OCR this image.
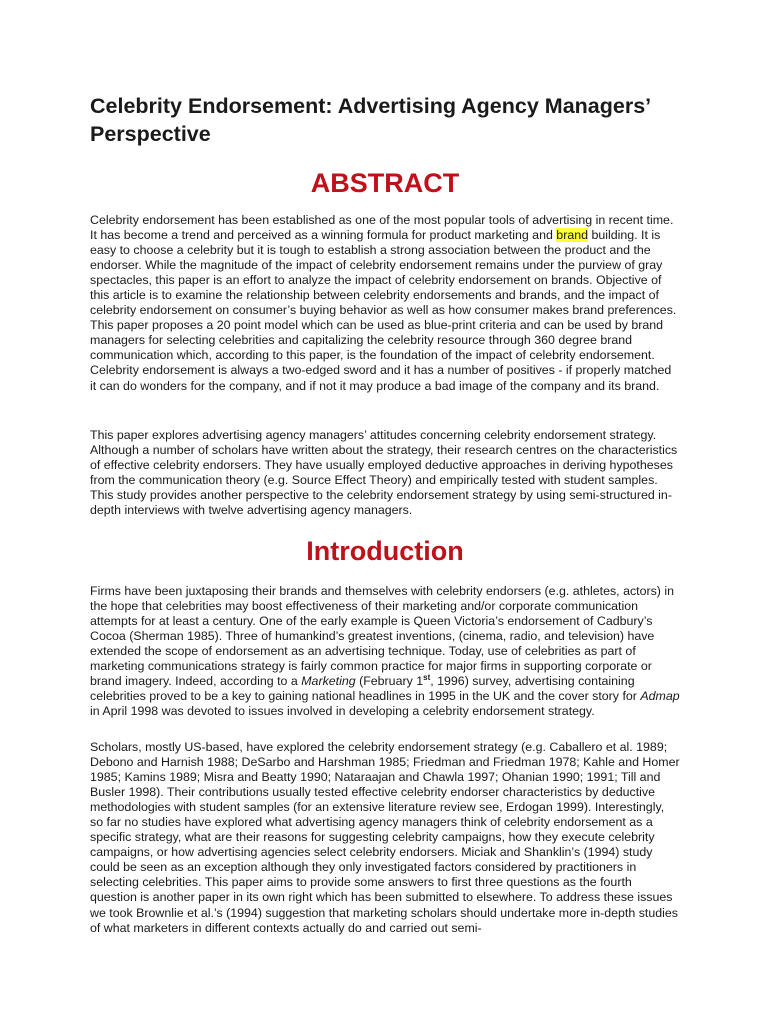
Celebrity Endorsement: Advertising Agency Managers’ Perspective
ABSTRACT

Celebrity endorsement has been established as one of the most popular tools of advertising in recent time. It has become a trend and perceived as a winning formula for product marketing and brand building. It is easy to choose a celebrity but it is tough to establish a strong association between the product and the endorser. While the magnitude of the impact of celebrity endorsement remains under the purview of gray spectacles, this paper is an effort to analyze the impact of celebrity endorsement on brands. Objective of this article is to examine the relationship between celebrity endorsements and brands, and the impact of celebrity endorsement on consumer’s buying behavior as well as how consumer makes brand preferences. This paper proposes a 20 point model which can be used as blue-print criteria and can be used by brand managers for selecting celebrities and capitalizing the celebrity resource through 360 degree brand communication which, according to this paper, is the foundation of the impact of celebrity endorsement. Celebrity endorsement is always a two-edged sword and it has a number of positives - if properly matched it can do wonders for the company, and if not it may produce a bad image of the company and its brand.

This paper explores advertising agency managers’ attitudes concerning celebrity endorsement strategy. Although a number of scholars have written about the strategy, their research centres on the characteristics of effective celebrity endorsers. They have usually employed deductive approaches in deriving hypotheses from the communication theory (e.g. Source Effect Theory) and empirically tested with student samples. This study provides another perspective to the celebrity endorsement strategy by using semi-structured in-depth interviews with twelve advertising agency managers.

Introduction

Firms have been juxtaposing their brands and themselves with celebrity endorsers (e.g. athletes, actors) in the hope that celebrities may boost effectiveness of their marketing and/or corporate communication attempts for at least a century. One of the early example is Queen Victoria’s endorsement of Cadbury’s Cocoa (Sherman 1985). Three of humankind’s greatest inventions, (cinema, radio, and television) have extended the scope of endorsement as an advertising technique. Today, use of celebrities as part of marketing communications strategy is fairly common practice for major firms in supporting corporate or brand imagery. Indeed, according to a Marketing (February 1st, 1996) survey, advertising containing celebrities proved to be a key to gaining national headlines in 1995 in the UK and the cover story for Admap in April 1998 was devoted to issues involved in developing a celebrity endorsement strategy.

Scholars, mostly US-based, have explored the celebrity endorsement strategy (e.g. Caballero et al. 1989; Debono and Harnish 1988; DeSarbo and Harshman 1985; Friedman and Friedman 1978; Kahle and Homer 1985; Kamins 1989; Misra and Beatty 1990; Nataraajan and Chawla 1997; Ohanian 1990; 1991; Till and Busler 1998). Their contributions usually tested effective celebrity endorser characteristics by deductive methodologies with student samples (for an extensive literature review see, Erdogan 1999). Interestingly, so far no studies have explored what advertising agency managers think of celebrity endorsement as a specific strategy, what are their reasons for suggesting celebrity campaigns, how they execute celebrity campaigns, or how advertising agencies select celebrity endorsers. Miciak and Shanklin’s (1994) study could be seen as an exception although they only investigated factors considered by practitioners in selecting celebrities. This paper aims to provide some answers to first three questions as the fourth question is another paper in its own right which has been submitted to elsewhere. To address these issues we took Brownlie et al.’s (1994) suggestion that marketing scholars should undertake more in-depth studies of what marketers in different contexts actually do and carried out semi-
